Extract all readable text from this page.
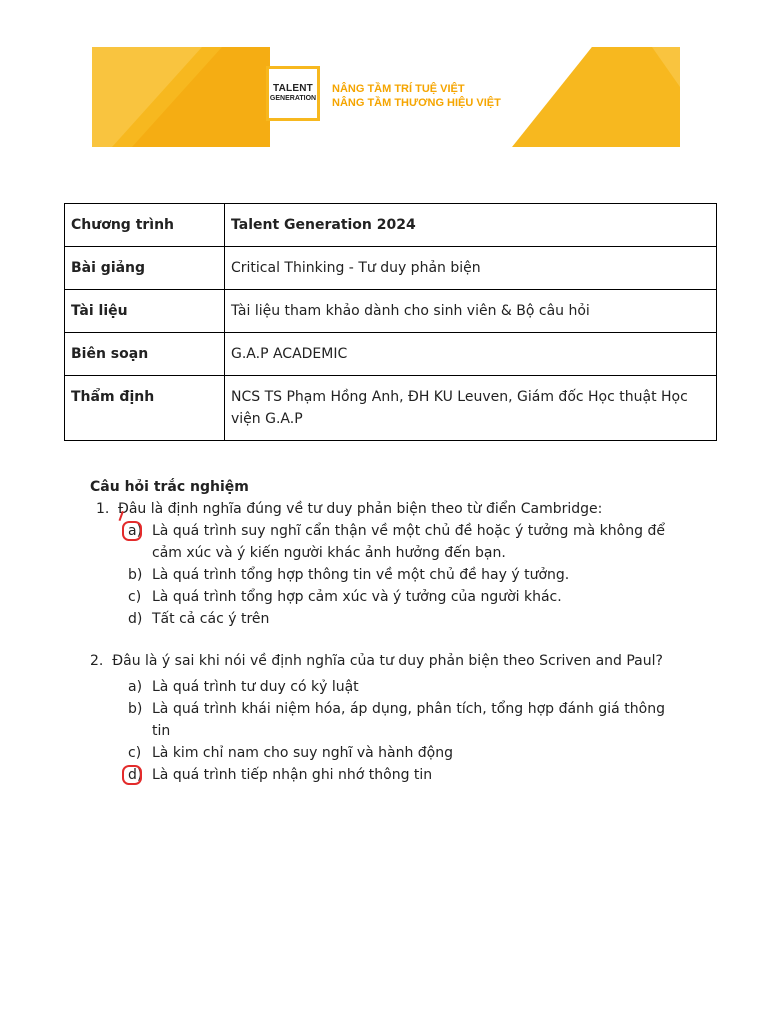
TALENT
GENERATION
NÂNG TẦM TRÍ TUỆ VIỆT
NÂNG TẦM THƯƠNG HIỆU VIỆT
Chương trình	Talent Generation 2024
Bài giảng	Critical Thinking - Tư duy phản biện
Tài liệu	Tài liệu tham khảo dành cho sinh viên & Bộ câu hỏi
Biên soạn	G.A.P ACADEMIC
Thẩm định	NCS TS Phạm Hồng Anh, ĐH KU Leuven, Giám đốc Học thuật Học viện G.A.P
Câu hỏi trắc nghiệm
1. Đâu là định nghĩa đúng về tư duy phản biện theo từ điển Cambridge:
a) Là quá trình suy nghĩ cẩn thận về một chủ đề hoặc ý tưởng mà không để cảm xúc và ý kiến người khác ảnh hưởng đến bạn.
b) Là quá trình tổng hợp thông tin về một chủ đề hay ý tưởng.
c) Là quá trình tổng hợp cảm xúc và ý tưởng của người khác.
d) Tất cả các ý trên
2. Đâu là ý sai khi nói về định nghĩa của tư duy phản biện theo Scriven and Paul?
a) Là quá trình tư duy có kỷ luật
b) Là quá trình khái niệm hóa, áp dụng, phân tích, tổng hợp đánh giá thông tin
c) Là kim chỉ nam cho suy nghĩ và hành động
d) Là quá trình tiếp nhận ghi nhớ thông tin
